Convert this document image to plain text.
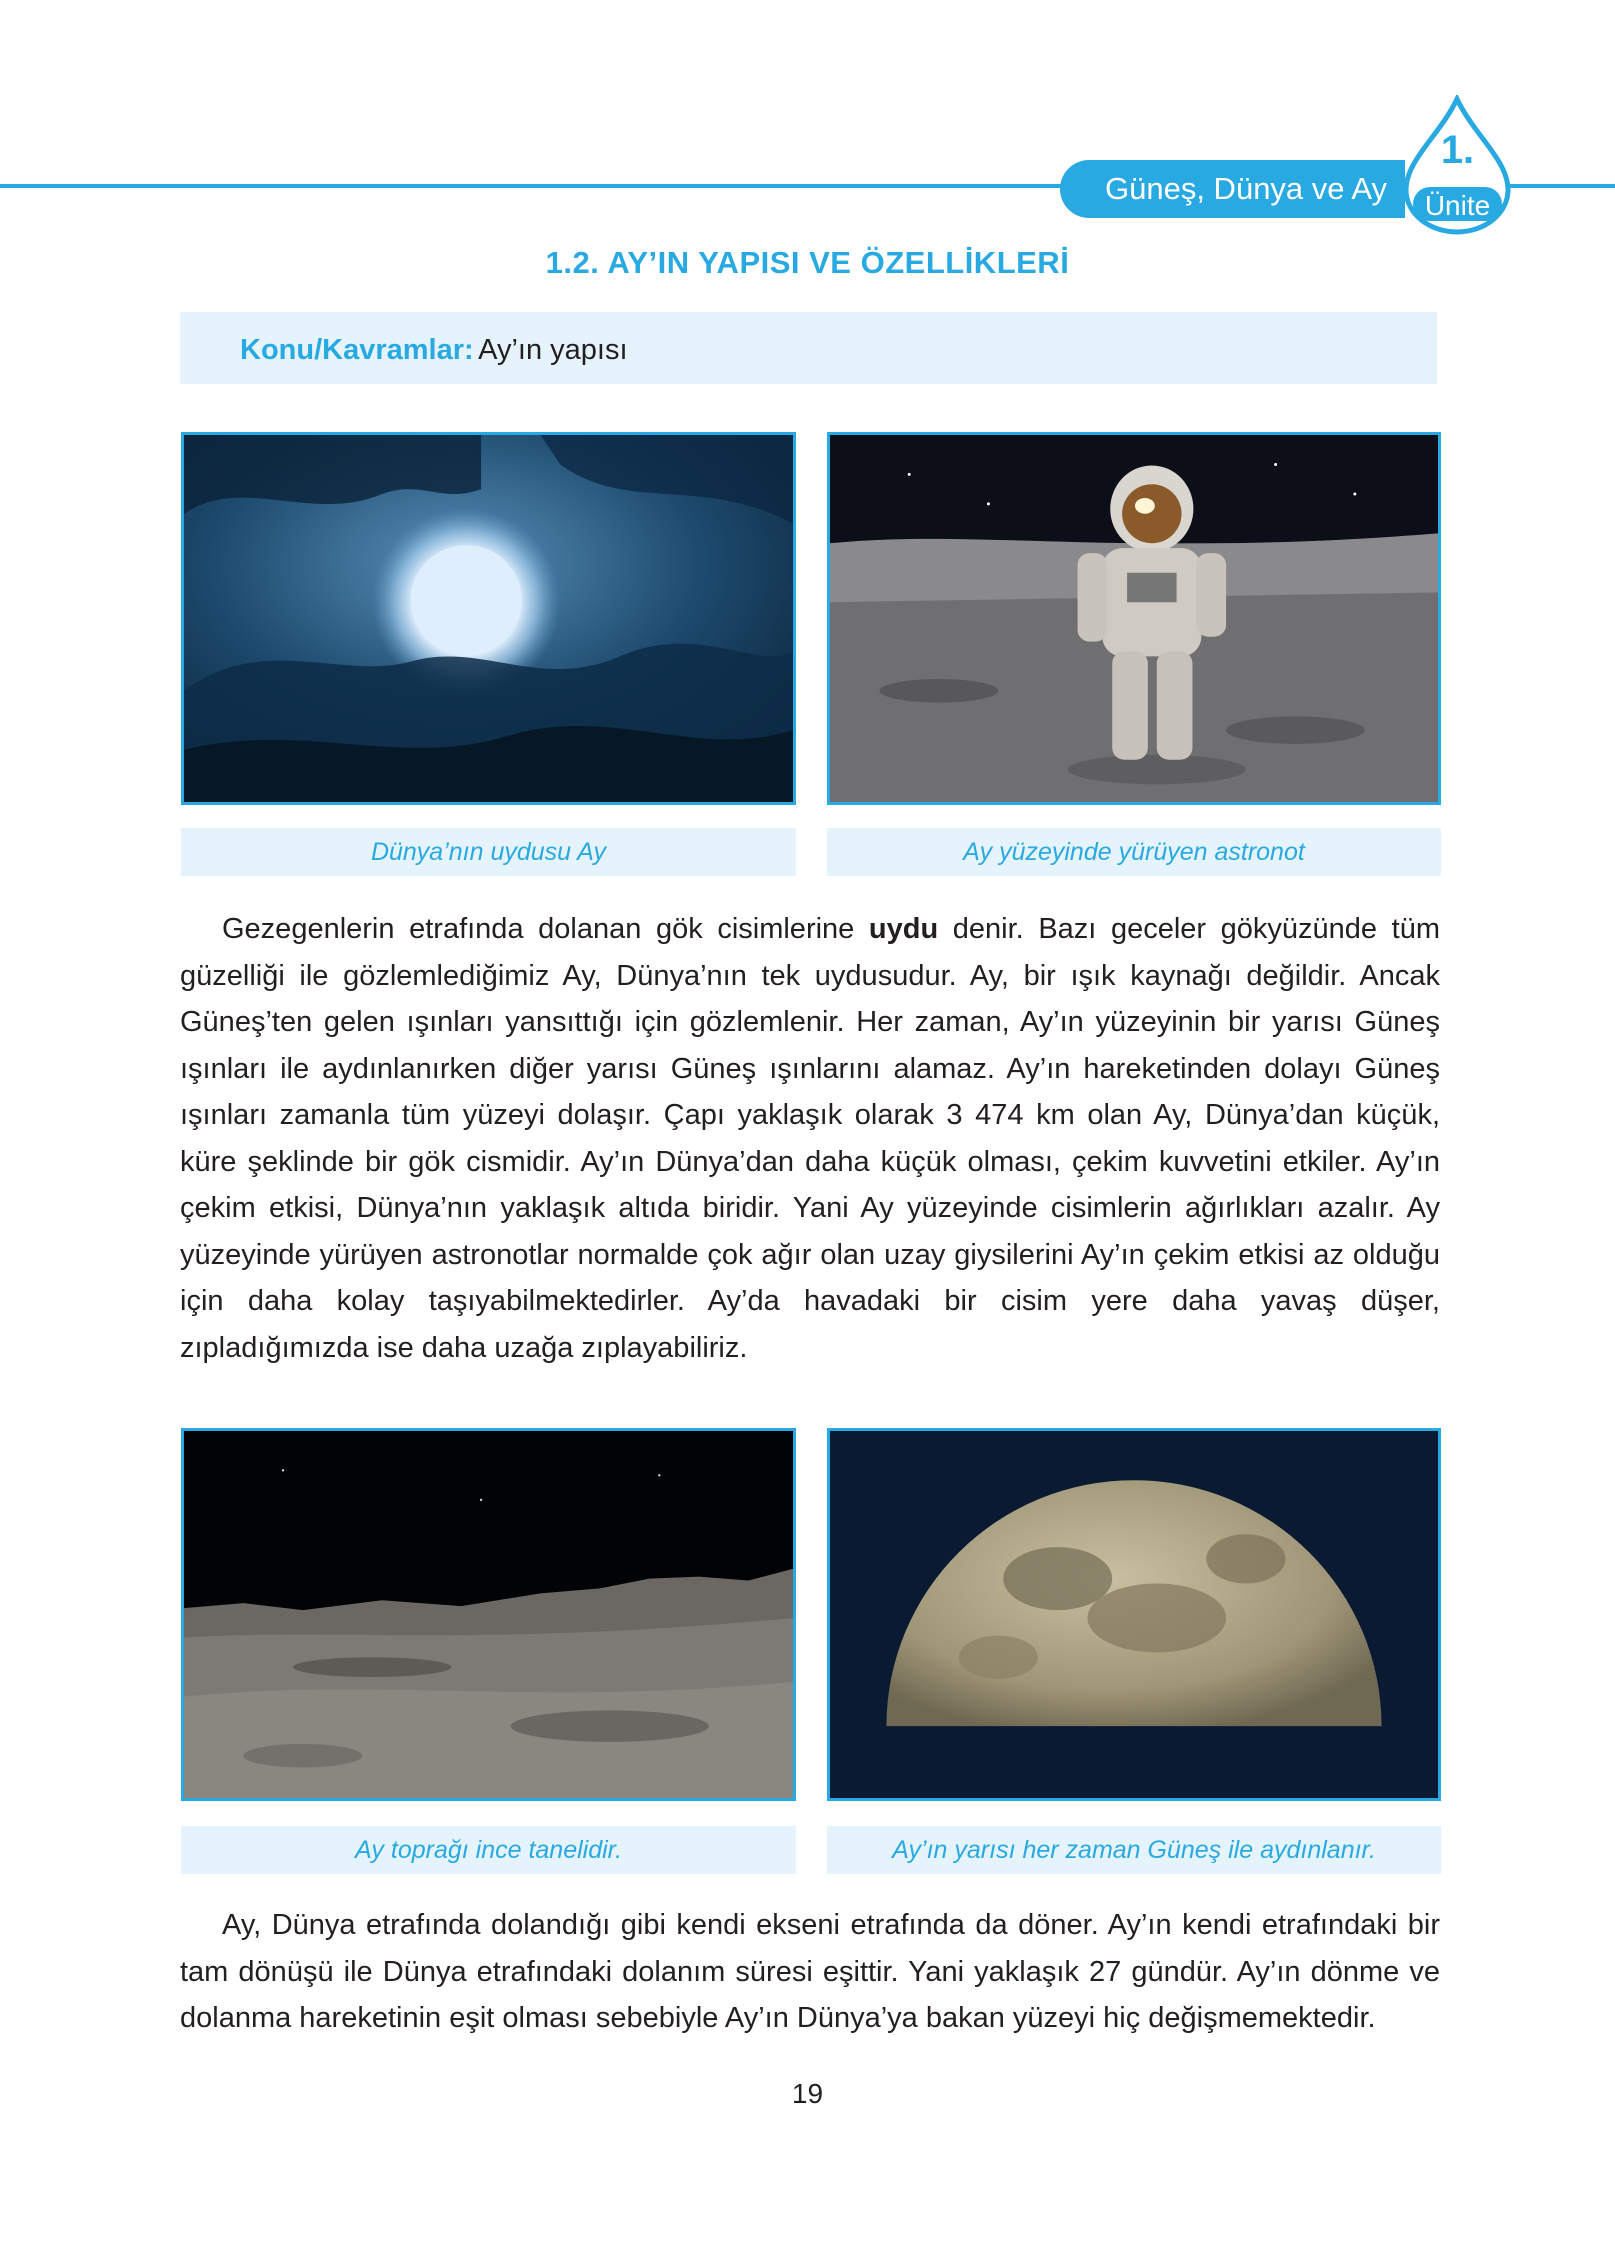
Güneş, Dünya ve Ay
1.
Ünite
1.2. AY’IN YAPISI VE ÖZELLİKLERİ
Konu/Kavramlar: Ay’ın yapısı
Dünya’nın uydusu Ay	Ay yüzeyinde yürüyen astronot

Gezegenlerin etrafında dolanan gök cisimlerine uydu denir. Bazı geceler gökyüzünde tüm güzelliği ile gözlemlediğimiz Ay, Dünya’nın tek uydusudur. Ay, bir ışık kaynağı değildir. Ancak Güneş’ten gelen ışınları yansıttığı için gözlemlenir. Her zaman, Ay’ın yüzeyinin bir yarısı Güneş ışınları ile aydınlanırken diğer yarısı Güneş ışınlarını alamaz. Ay’ın hareketinden dolayı Güneş ışınları zamanla tüm yüzeyi dolaşır. Çapı yaklaşık olarak 3 474 km olan Ay, Dünya’dan küçük, küre şeklinde bir gök cismidir. Ay’ın Dünya’dan daha küçük olması, çekim kuvvetini etkiler. Ay’ın çekim etkisi, Dünya’nın yaklaşık altıda biridir. Yani Ay yüzeyinde cisimlerin ağırlıkları azalır. Ay yüzeyinde yürüyen astronotlar normalde çok ağır olan uzay giysilerini Ay’ın çekim etkisi az olduğu için daha kolay taşıyabilmektedirler. Ay’da havadaki bir cisim yere daha yavaş düşer, zıpladığımızda ise daha uzağa zıplayabiliriz.

Ay toprağı ince tanelidir.	Ay’ın yarısı her zaman Güneş ile aydınlanır.

Ay, Dünya etrafında dolandığı gibi kendi ekseni etrafında da döner. Ay’ın kendi etrafındaki bir tam dönüşü ile Dünya etrafındaki dolanım süresi eşittir. Yani yaklaşık 27 gündür. Ay’ın dönme ve dolanma hareketinin eşit olması sebebiyle Ay’ın Dünya’ya bakan yüzeyi hiç değişmemektedir.

19
